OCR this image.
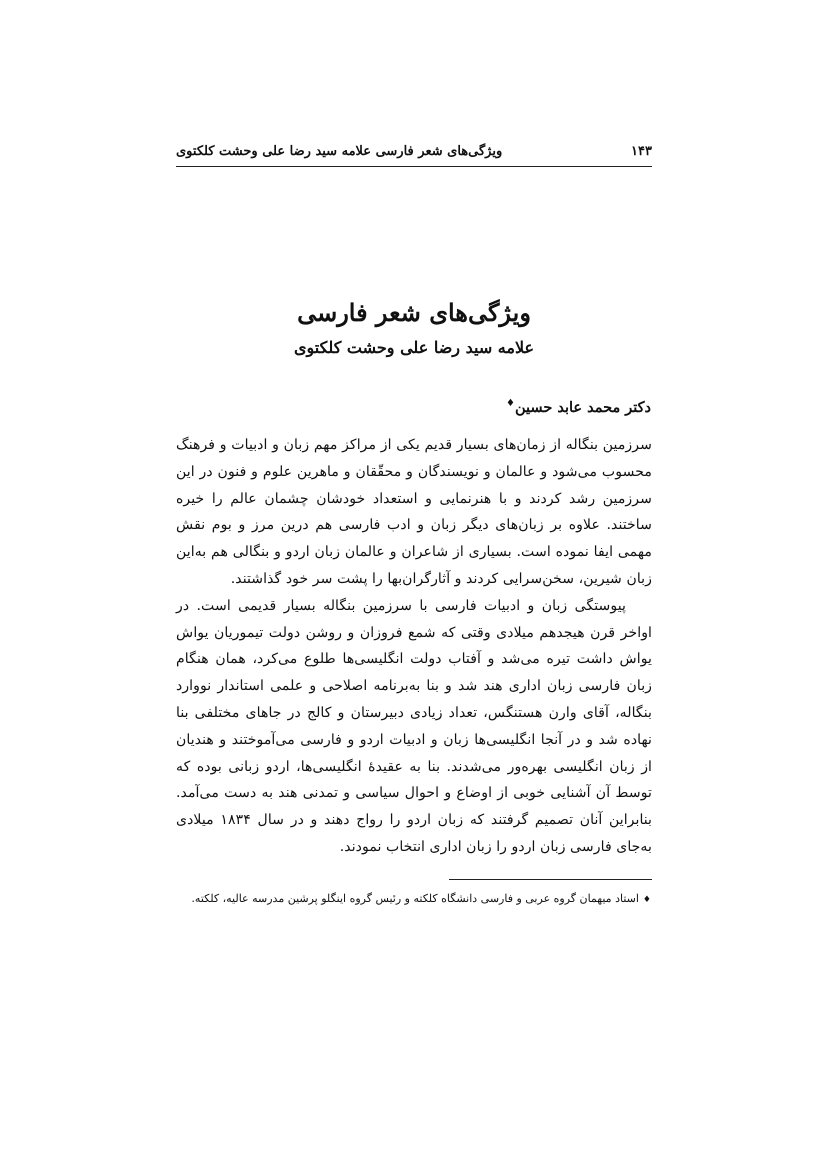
۱۴۳
ویژگی‌های شعر فارسی علامه سید رضا علی وحشت کلکتوی
ویژگی‌های شعر فارسی
علامه سید رضا علی وحشت کلکتوی
دکتر محمد عابد حسین♦

سرزمین بنگاله از زمان‌های بسیار قدیم یکی از مراکز مهم زبان و ادبیات و فرهنگ محسوب می‌شود و عالمان و نویسندگان و محقّقان و ماهرین علوم و فنون در این سرزمین رشد کردند و با هنرنمایی و استعداد خودشان چشمان عالم را خیره ساختند. علاوه بر زبان‌های دیگر زبان و ادب فارسی هم درین مرز و بوم نقش مهمی ایفا نموده است. بسیاری از شاعران و عالمان زبان اردو و بنگالی هم به‌این زبان شیرین، سخن‌سرایی کردند و آثارگران‌بها را پشت سر خود گذاشتند.

پیوستگی زبان و ادبیات فارسی با سرزمین بنگاله بسیار قدیمی است. در اواخر قرن هیجدهم میلادی وقتی که شمع فروزان و روشن دولت تیموریان یواش یواش داشت تیره می‌شد و آفتاب دولت انگلیسی‌ها طلوع می‌کرد، همان هنگام زبان فارسی زبان اداری هند شد و بنا به‌برنامه اصلاحی و علمی استاندار نووارد بنگاله، آقای وارن هستنگس، تعداد زیادی دبیرستان و کالج در جاهای مختلفی بنا نهاده شد و در آنجا انگلیسی‌ها زبان و ادبیات اردو و فارسی می‌آموختند و هندیان از زبان انگلیسی بهره‌ور می‌شدند. بنا به عقیدۀ انگلیسی‌ها، اردو زبانی بوده که توسط آن آشنایی خوبی از اوضاع و احوال سیاسی و تمدنی هند به دست می‌آمد. بنابراین آنان تصمیم گرفتند که زبان اردو را رواج دهند و در سال ۱۸۳۴ میلادی به‌جای فارسی زبان اردو را زبان اداری انتخاب نمودند.

♦استاد میهمان گروه عربی و فارسی دانشگاه کلکته و رئیس گروه اینگلو پرشین مدرسه عالیه، کلکته.
